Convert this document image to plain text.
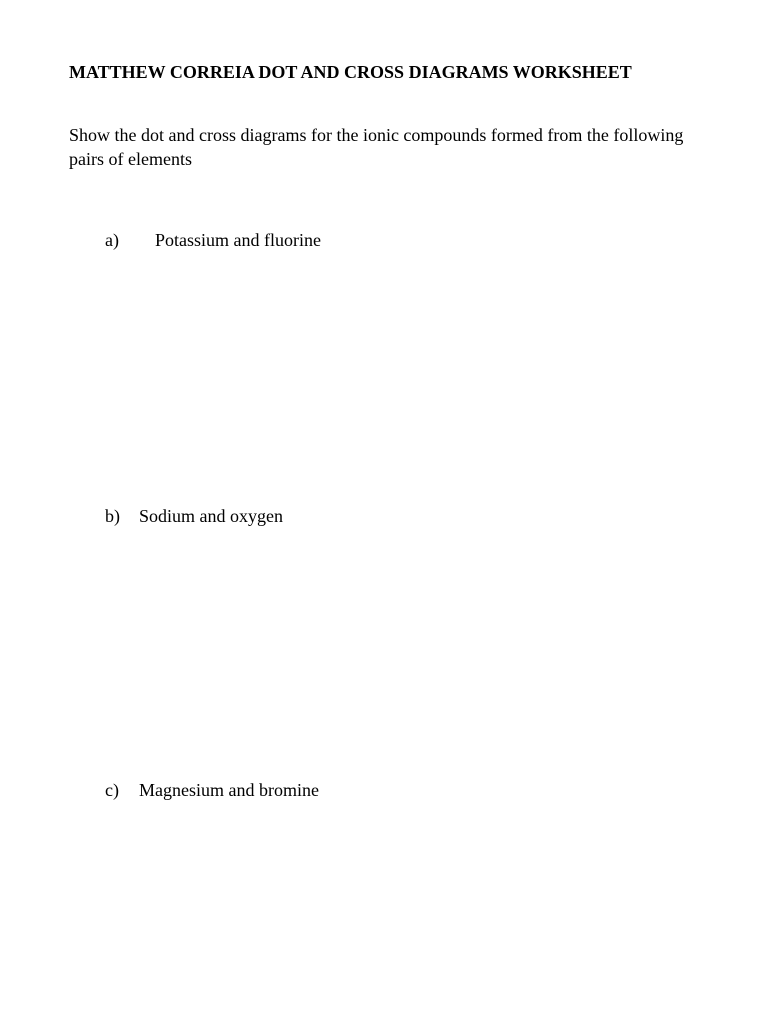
MATTHEW CORREIA DOT AND CROSS DIAGRAMS WORKSHEET

Show the dot and cross diagrams for the ionic compounds formed from the following pairs of elements

a) Potassium and fluorine
b) Sodium and oxygen
c) Magnesium and bromine
